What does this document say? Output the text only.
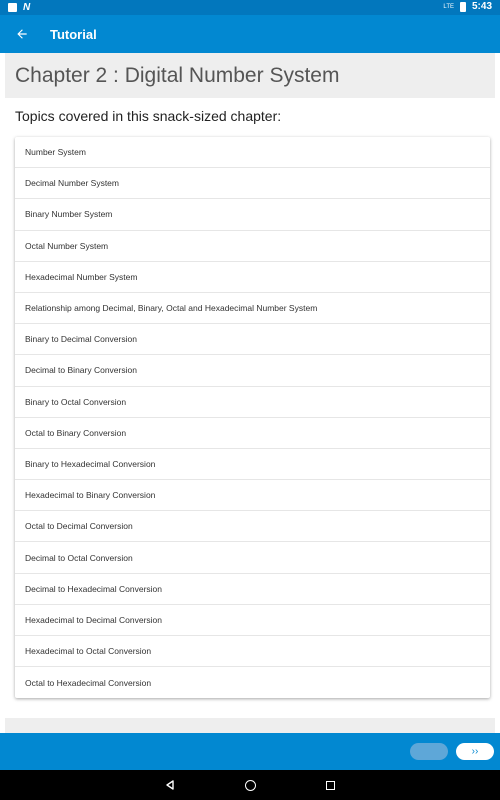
N	LTE 5:43
Tutorial
Chapter 2 : Digital Number System
Topics covered in this snack-sized chapter:
Number System
Decimal Number System
Binary Number System
Octal Number System
Hexadecimal Number System
Relationship among Decimal, Binary, Octal and Hexadecimal Number System
Binary to Decimal Conversion
Decimal to Binary Conversion
Binary to Octal Conversion
Octal to Binary Conversion
Binary to Hexadecimal Conversion
Hexadecimal to Binary Conversion
Octal to Decimal Conversion
Decimal to Octal Conversion
Decimal to Hexadecimal Conversion
Hexadecimal to Decimal Conversion
Hexadecimal to Octal Conversion
Octal to Hexadecimal Conversion
››
